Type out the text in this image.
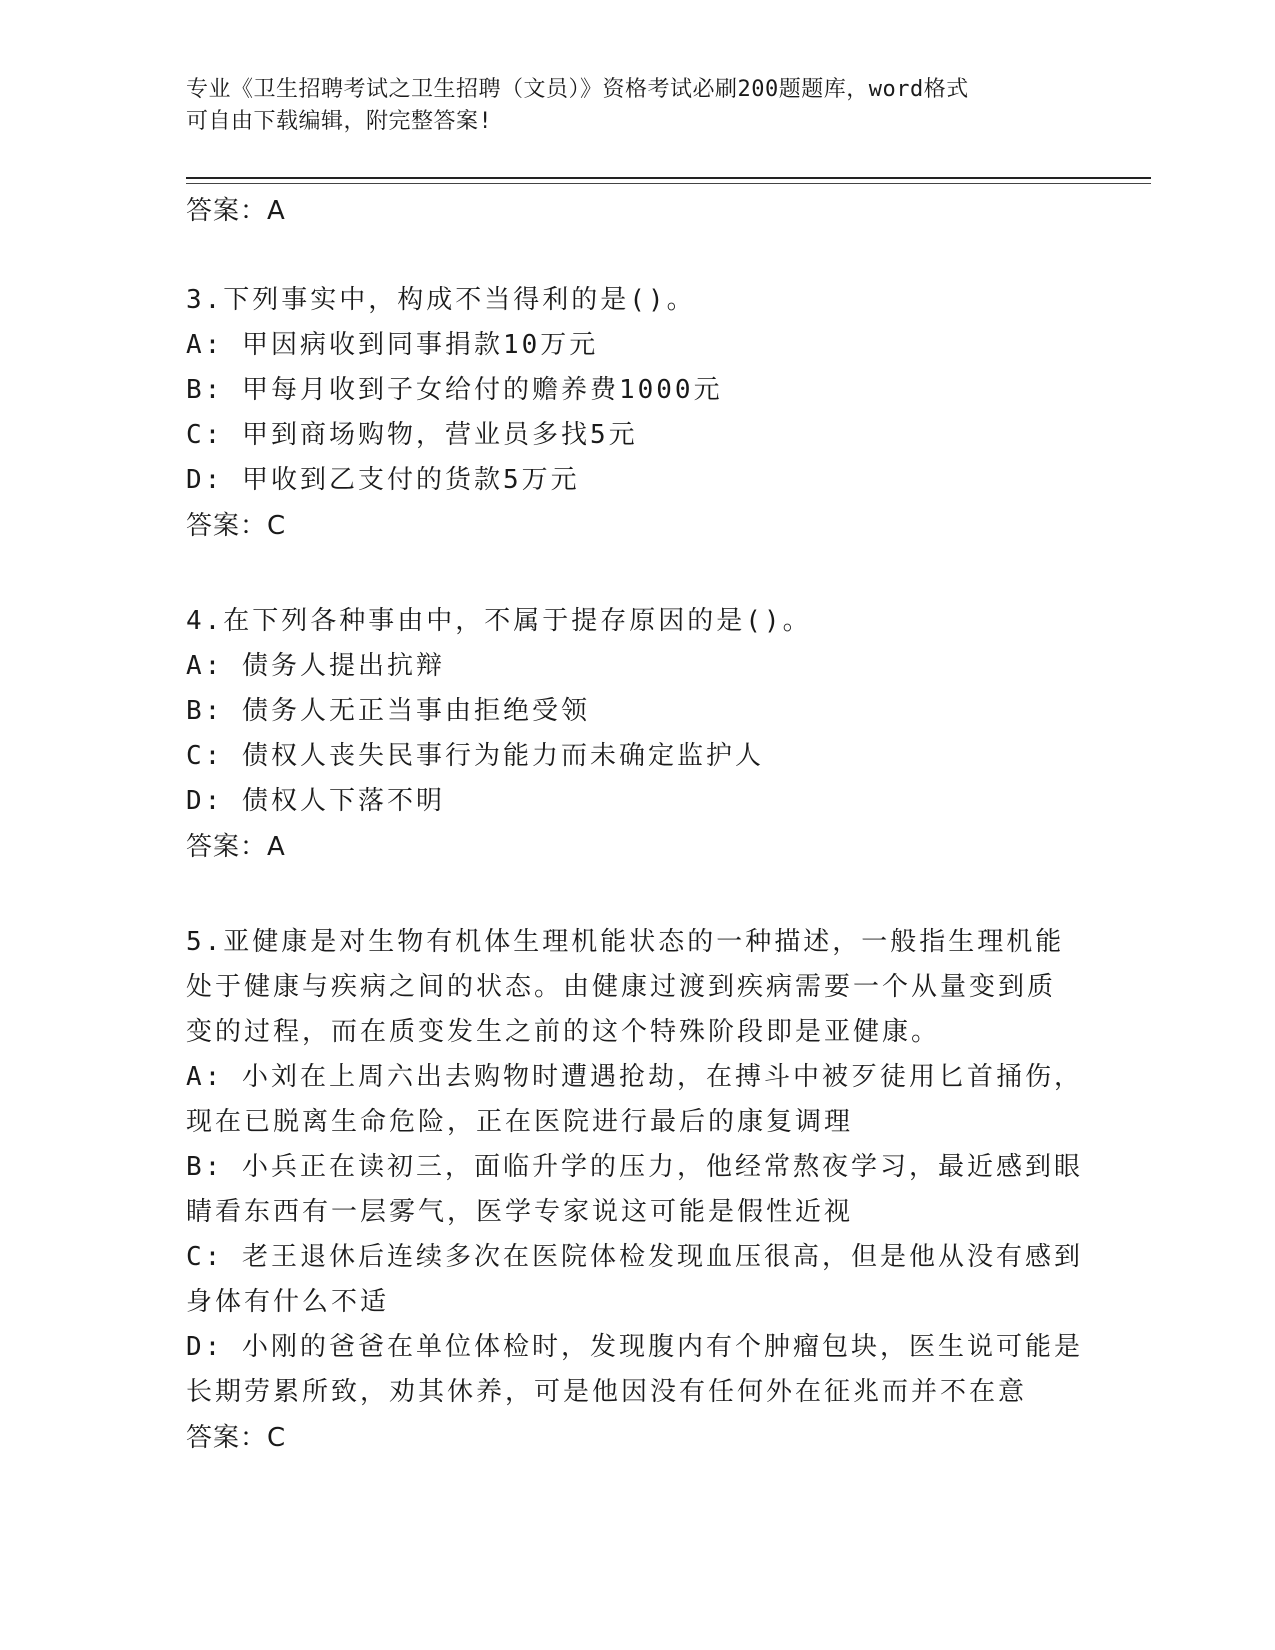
专业《卫生招聘考试之卫生招聘（文员）》资格考试必刷200题题库，word格式
可自由下载编辑，附完整答案!
答案：A
3.下列事实中，构成不当得利的是()。
A: 甲因病收到同事捐款10万元
B: 甲每月收到子女给付的赡养费1000元
C: 甲到商场购物，营业员多找5元
D: 甲收到乙支付的货款5万元
答案：C
4.在下列各种事由中，不属于提存原因的是()。
A: 债务人提出抗辩
B: 债务人无正当事由拒绝受领
C: 债权人丧失民事行为能力而未确定监护人
D: 债权人下落不明
答案：A
5.亚健康是对生物有机体生理机能状态的一种描述，一般指生理机能
处于健康与疾病之间的状态。由健康过渡到疾病需要一个从量变到质
变的过程，而在质变发生之前的这个特殊阶段即是亚健康。
A: 小刘在上周六出去购物时遭遇抢劫，在搏斗中被歹徒用匕首捅伤，
现在已脱离生命危险，正在医院进行最后的康复调理
B: 小兵正在读初三，面临升学的压力，他经常熬夜学习，最近感到眼
睛看东西有一层雾气，医学专家说这可能是假性近视
C: 老王退休后连续多次在医院体检发现血压很高，但是他从没有感到
身体有什么不适
D: 小刚的爸爸在单位体检时，发现腹内有个肿瘤包块，医生说可能是
长期劳累所致，劝其休养，可是他因没有任何外在征兆而并不在意
答案：C
